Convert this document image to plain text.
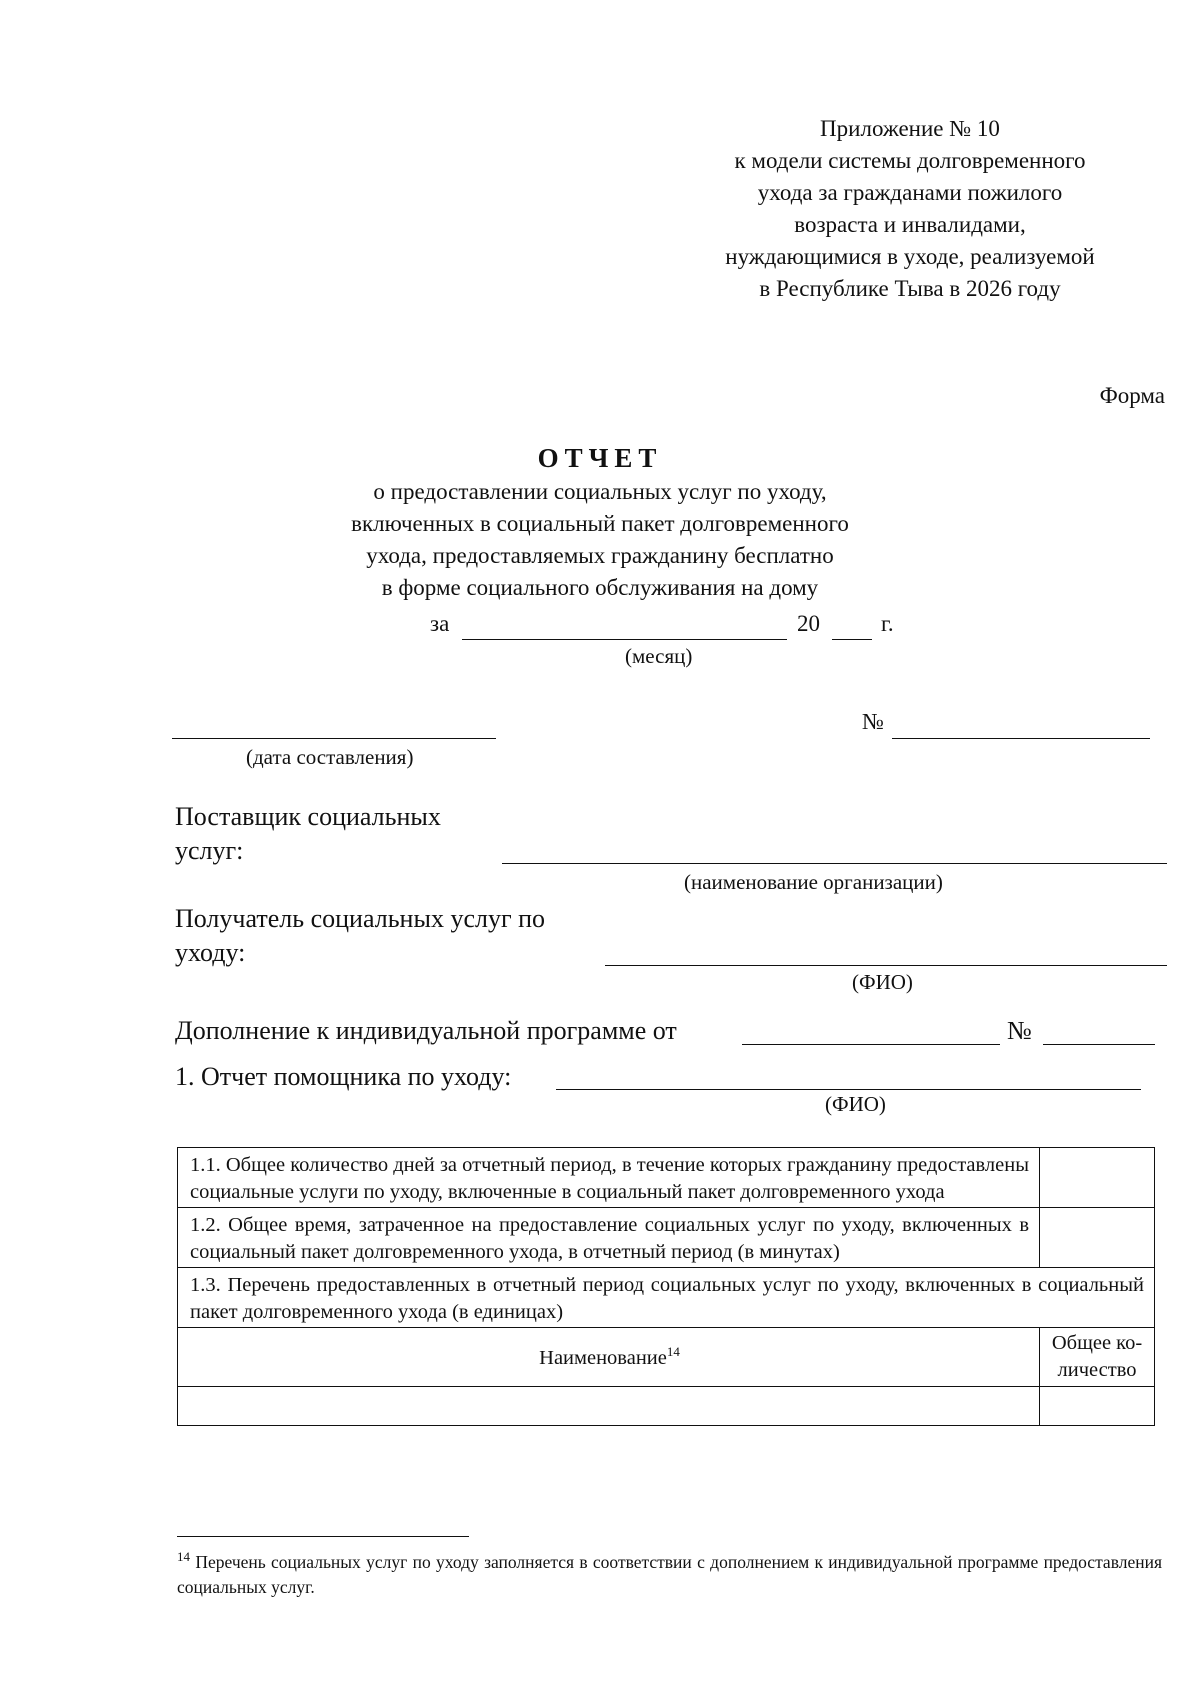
Приложение № 10
к модели системы долговременного
ухода за гражданами пожилого
возраста и инвалидами,
нуждающимися в уходе, реализуемой
в Республике Тыва в 2026 году
Форма
ОТЧЕТ
о предоставлении социальных услуг по уходу,
включенных в социальный пакет долговременного
ухода, предоставляемых гражданину бесплатно
в форме социального обслуживания на дому
за	20	г.
(месяц)
(дата составления)
№
Поставщик социальных
услуг:
(наименование организации)
Получатель социальных услуг по
уходу:
(ФИО)
Дополнение к индивидуальной программе от	№
1. Отчет помощника по уходу:
(ФИО)
1.1. Общее количество дней за отчетный период, в течение которых гражданину предоставлены социальные услуги по уходу, включенные в социальный пакет долговременного ухода	
1.2. Общее время, затраченное на предоставление социальных услуг по уходу, включенных в социальный пакет долговременного ухода, в отчетный период (в минутах)	
1.3. Перечень предоставленных в отчетный период социальных услуг по уходу, включенных в социальный пакет долговременного ухода (в единицах)	
Наименование$^{14}$	Общее ко-
личество

$^{14}$ Перечень социальных услуг по уходу заполняется в соответствии с дополнением к индивидуальной программе предоставления социальных услуг.
